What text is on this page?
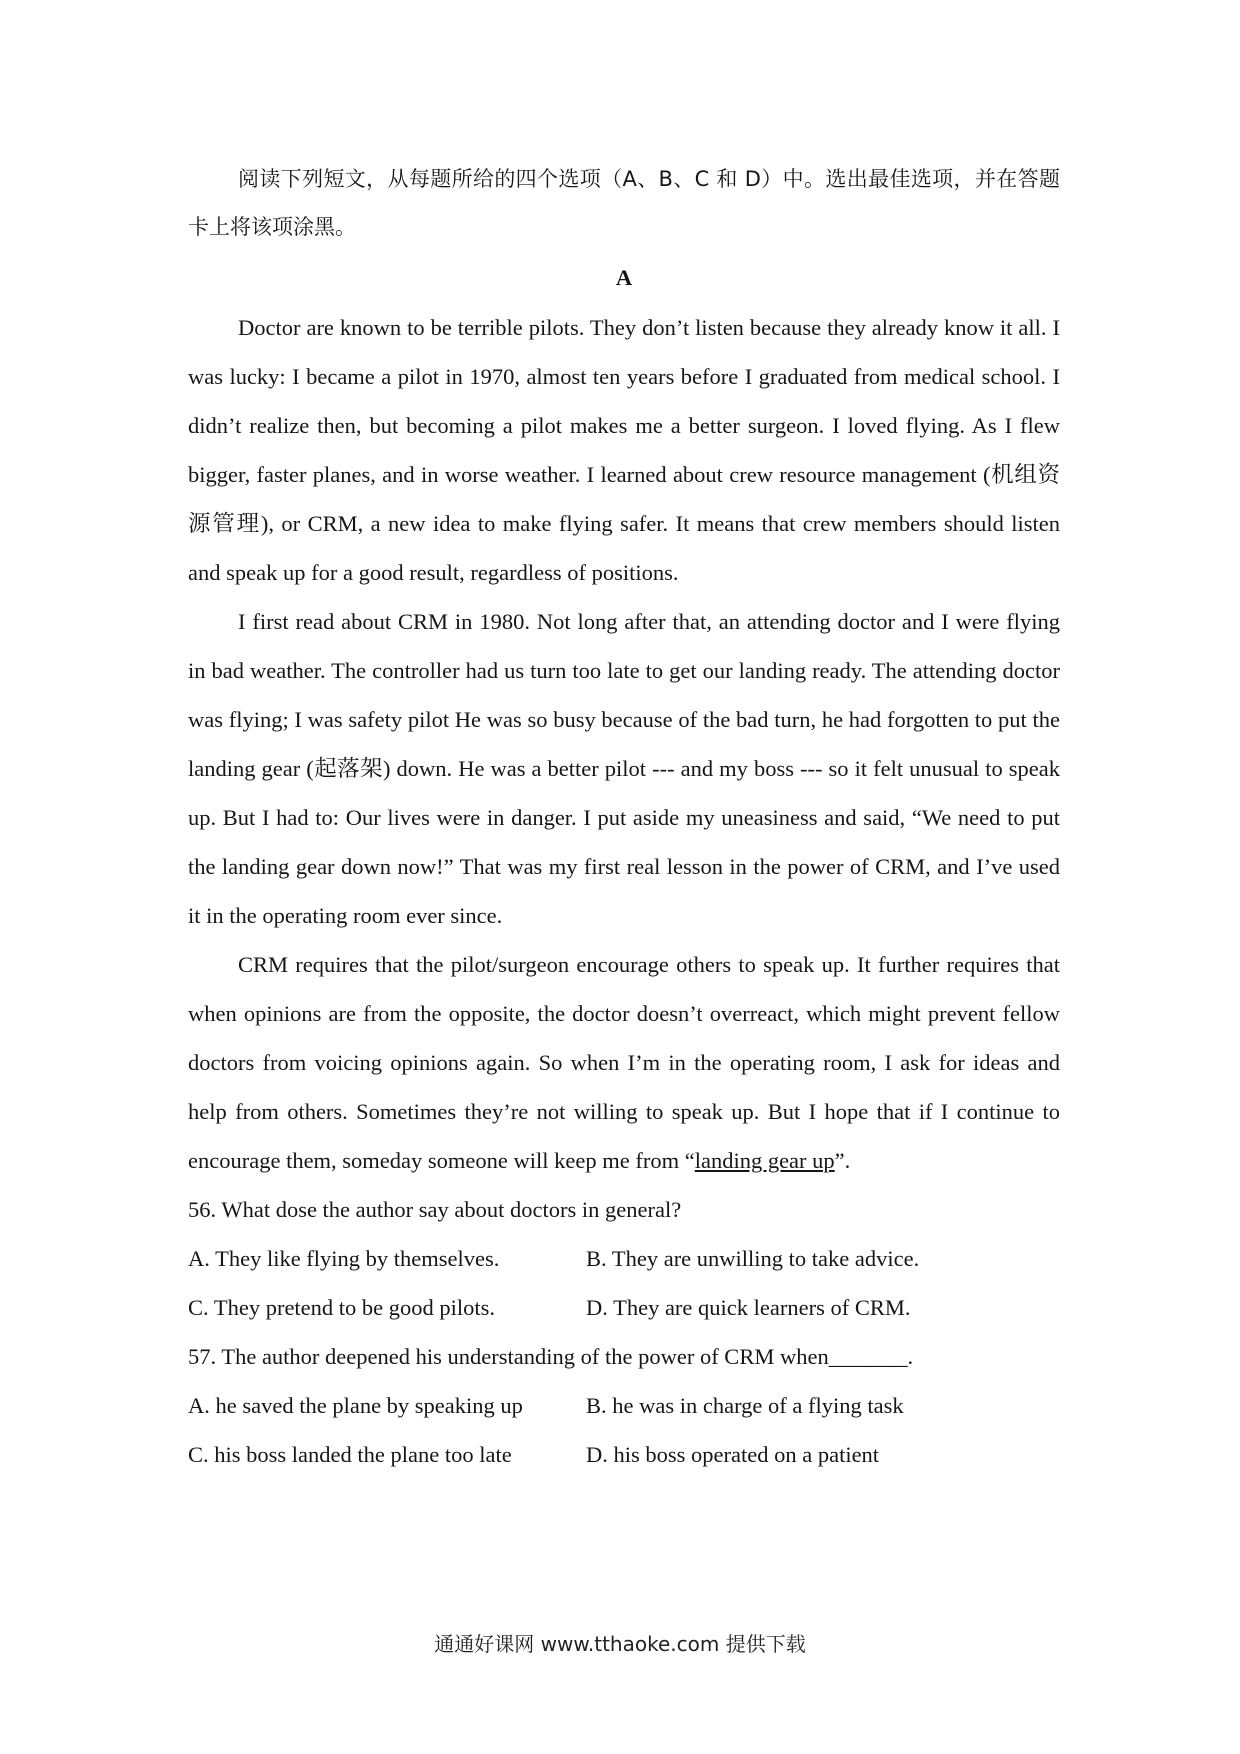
阅读下列短文，从每题所给的四个选项（A、B、C 和 D）中。选出最佳选项，并在答题卡上将该项涂黑。

A

Doctor are known to be terrible pilots. They don’t listen because they already know it all. I was lucky: I became a pilot in 1970, almost ten years before I graduated from medical school. I didn’t realize then, but becoming a pilot makes me a better surgeon. I loved flying. As I flew bigger, faster planes, and in worse weather. I learned about crew resource management (机组资源管理), or CRM, a new idea to make flying safer. It means that crew members should listen and speak up for a good result, regardless of positions.

I first read about CRM in 1980. Not long after that, an attending doctor and I were flying in bad weather. The controller had us turn too late to get our landing ready. The attending doctor was flying; I was safety pilot He was so busy because of the bad turn, he had forgotten to put the landing gear (起落架) down. He was a better pilot --- and my boss --- so it felt unusual to speak up. But I had to: Our lives were in danger. I put aside my uneasiness and said, “We need to put the landing gear down now!” That was my first real lesson in the power of CRM, and I’ve used it in the operating room ever since.

CRM requires that the pilot/surgeon encourage others to speak up. It further requires that when opinions are from the opposite, the doctor doesn’t overreact, which might prevent fellow doctors from voicing opinions again. So when I’m in the operating room, I ask for ideas and help from others. Sometimes they’re not willing to speak up. But I hope that if I continue to encourage them, someday someone will keep me from “landing gear up”.

56. What dose the author say about doctors in general?

A. They like flying by themselves.	B. They are unwilling to take advice.
C. They pretend to be good pilots.	D. They are quick learners of CRM.

57. The author deepened his understanding of the power of CRM when_______.

A. he saved the plane by speaking up	B. he was in charge of a flying task
C. his boss landed the plane too late	D. his boss operated on a patient
通通好课网 www.tthaoke.com 提供下载
